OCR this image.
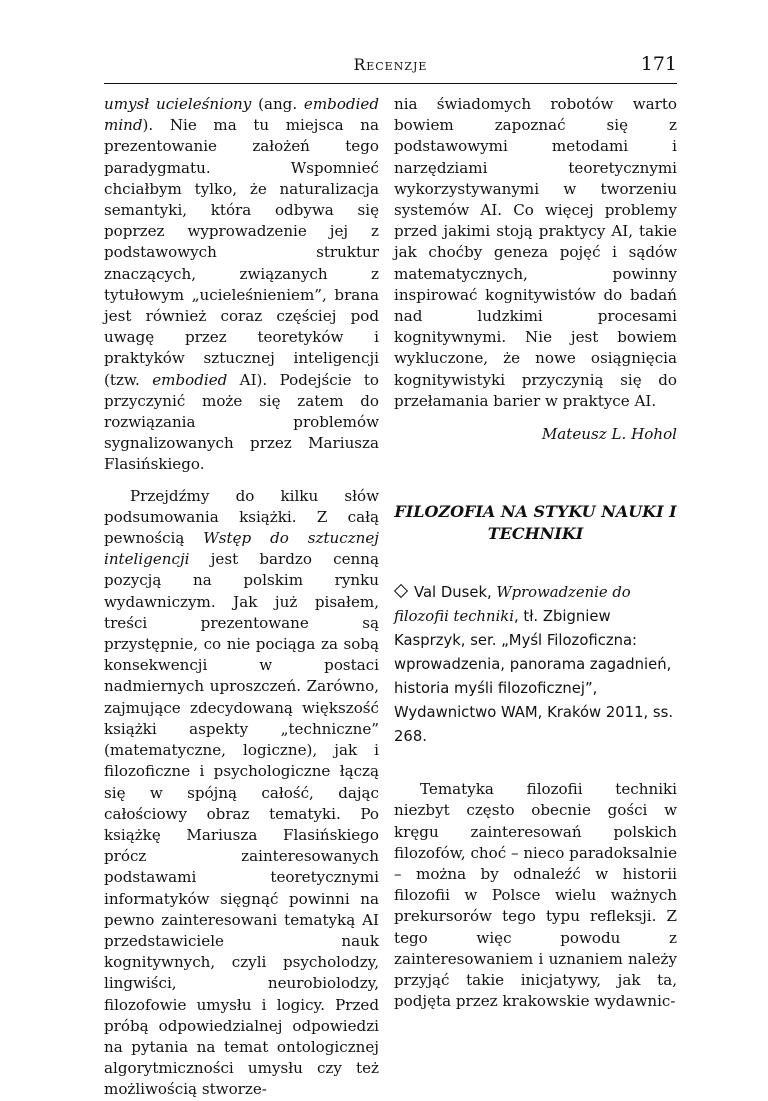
Recenzje	171

umysł ucieleśniony (ang. embodied mind). Nie ma tu miejsca na prezentowanie założeń tego paradygmatu. Wspomnieć chciałbym tylko, że naturalizacja semantyki, która odbywa się poprzez wyprowadzenie jej z podstawowych struktur znaczących, związanych z tytułowym „ucieleśnieniem”, brana jest również coraz częściej pod uwagę przez teoretyków i praktyków sztucznej inteligencji (tzw. embodied AI). Podejście to przyczynić może się zatem do rozwiązania problemów sygnalizowanych przez Mariusza Flasińskiego.

Przejdźmy do kilku słów podsumowania książki. Z całą pewnością Wstęp do sztucznej inteligencji jest bardzo cenną pozycją na polskim rynku wydawniczym. Jak już pisałem, treści prezentowane są przystępnie, co nie pociąga za sobą konsekwencji w postaci nadmiernych uproszczeń. Zarówno, zajmujące zdecydowaną większość książki aspekty „techniczne” (matematyczne, logiczne), jak i filozoficzne i psychologiczne łączą się w spójną całość, dając całościowy obraz tematyki. Po książkę Mariusza Flasińskiego prócz zainteresowanych podstawami teoretycznymi informatyków sięgnąć powinni na pewno zainteresowani tematyką AI przedstawiciele nauk kognitywnych, czyli psycholodzy, lingwiści, neurobiolodzy, filozofowie umysłu i logicy. Przed próbą odpowiedzialnej odpowiedzi na pytania na temat ontologicznej algorytmiczności umysłu czy też możliwością stworze-

nia świadomych robotów warto bowiem zapoznać się z podstawowymi metodami i narzędziami teoretycznymi wykorzystywanymi w tworzeniu systemów AI. Co więcej problemy przed jakimi stoją praktycy AI, takie jak choćby geneza pojęć i sądów matematycznych, powinny inspirować kognitywistów do badań nad ludzkimi procesami kognitywnymi. Nie jest bowiem wykluczone, że nowe osiągnięcia kognitywistyki przyczynią się do przełamania barier w praktyce AI.

Mateusz L. Hohol

FILOZOFIA NA STYKU NAUKI I TECHNIKI

Val Dusek, Wprowadzenie do filozofii techniki, tł. Zbigniew Kasprzyk, ser. „Myśl Filozoficzna: wprowadzenia, panorama zagadnień, historia myśli filozoficznej”, Wydawnictwo WAM, Kraków 2011, ss. 268.

Tematyka filozofii techniki niezbyt często obecnie gości w kręgu zainteresowań polskich filozofów, choć – nieco paradoksalnie – można by odnaleźć w historii filozofii w Polsce wielu ważnych prekursorów tego typu refleksji. Z tego więc powodu z zainteresowaniem i uznaniem należy przyjąć takie inicjatywy, jak ta, podjęta przez krakowskie wydawnic-
